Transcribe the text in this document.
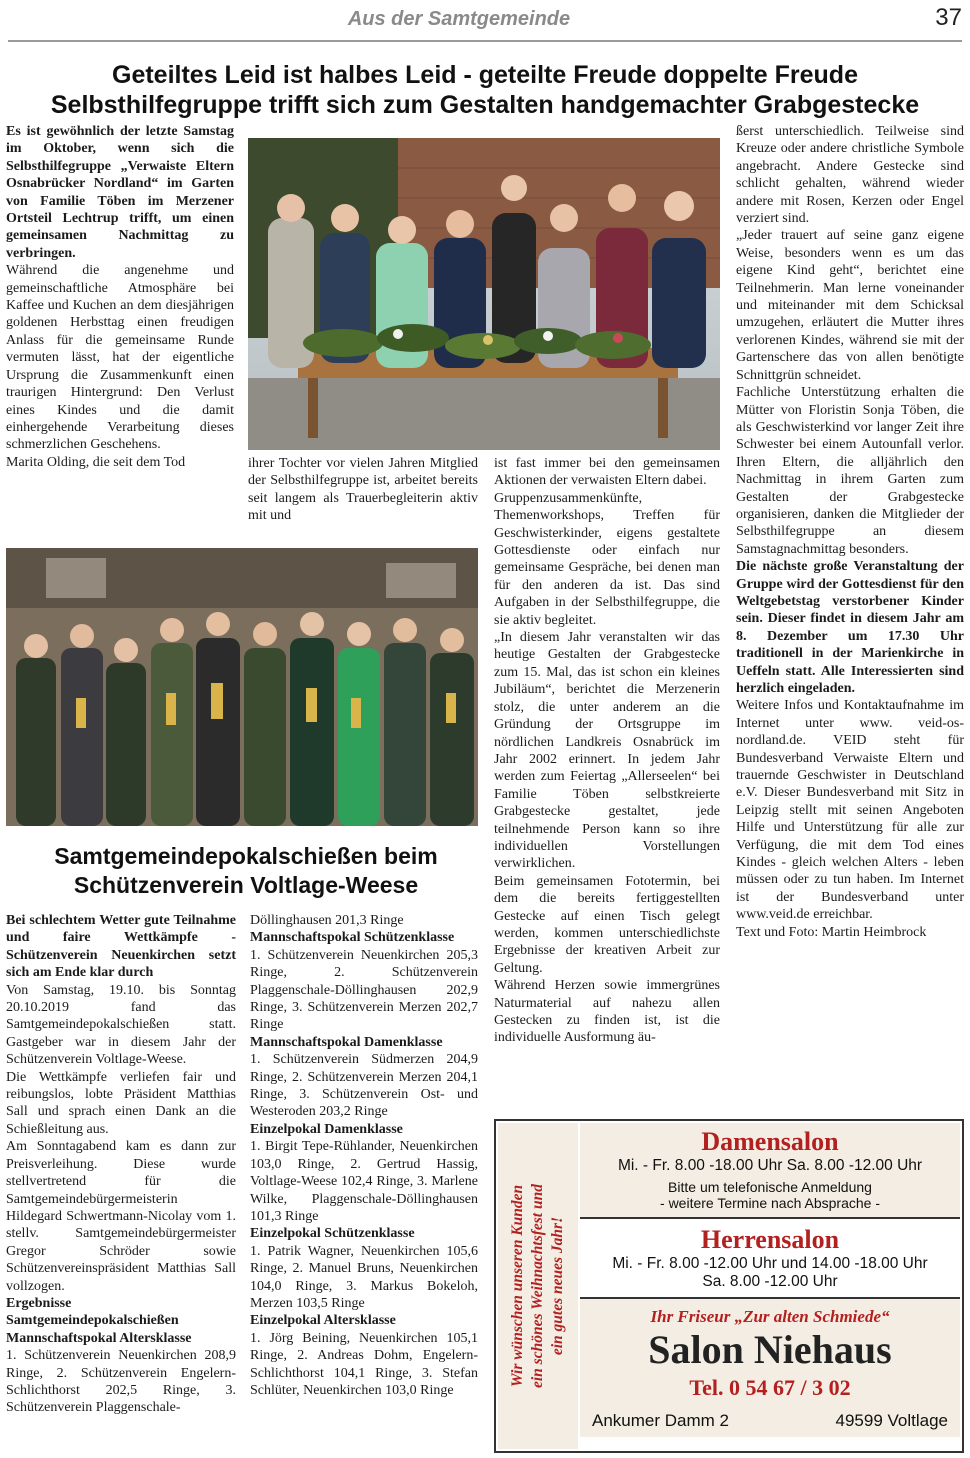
Aus der Samtgemeinde	37
Geteiltes Leid ist halbes Leid - geteilte Freude doppelte Freude
Selbsthilfegruppe trifft sich zum Gestalten handgemachter Grabgestecke

Es ist gewöhnlich der letzte Samstag im Oktober, wenn sich die Selbsthilfegruppe „Verwaiste Eltern Osnabrücker Nordland“ im Garten von Familie Töben im Merzener Ortsteil Lechtrup trifft, um einen gemeinsamen Nachmittag zu verbringen.

Während die angenehme und gemeinschaftliche Atmosphäre bei Kaffee und Kuchen an dem diesjährigen goldenen Herbsttag einen freudigen Anlass für die gemeinsame Runde vermuten lässt, hat der eigentliche Ursprung die Zusammenkunft einen traurigen Hintergrund: Den Verlust eines Kindes und die damit einhergehende Verarbeitung dieses schmerzlichen Geschehens.

Marita Olding, die seit dem Tod	ihrer Tochter vor vielen Jahren Mitglied der Selbsthilfegruppe ist, arbeitet bereits seit langem als Trauerbegleiterin aktiv mit und

ist fast immer bei den gemeinsamen Aktionen der verwaisten Eltern dabei.

Gruppenzusammenkünfte, Themenworkshops, Treffen für Geschwisterkinder, eigens gestaltete Gottesdienste oder einfach nur gemeinsame Gespräche, bei denen man für den anderen da ist. Das sind Aufgaben in der Selbsthilfegruppe, die sie aktiv begleitet.

„In diesem Jahr veranstalten wir das heutige Gestalten der Grabgestecke zum 15. Mal, das ist schon ein kleines Jubiläum“, berichtet die Merzenerin stolz, die unter anderem an die Gründung der Ortsgruppe im nördlichen Landkreis Osnabrück im Jahr 2002 erinnert. In jedem Jahr werden zum Feiertag „Allerseelen“ bei Familie Töben selbstkreierte Grabgestecke gestaltet, jede teilnehmende Person kann so ihre individuellen Vorstellungen verwirklichen.

Beim gemeinsamen Fototermin, bei dem die bereits fertiggestellten Gestecke auf einen Tisch gelegt werden, kommen unterschiedlichste Ergebnisse der kreativen Arbeit zur Geltung.

Während Herzen sowie immergrünes Naturmaterial auf nahezu allen Gestecken zu finden ist, ist die individuelle Ausformung äu-

ßerst unterschiedlich. Teilweise sind Kreuze oder andere christliche Symbole angebracht. Andere Gestecke sind schlicht gehalten, während wieder andere mit Rosen, Kerzen oder Engel verziert sind.

„Jeder trauert auf seine ganz eigene Weise, besonders wenn es um das eigene Kind geht“, berichtet eine Teilnehmerin. Man lerne voneinander und miteinander mit dem Schicksal umzugehen, erläutert die Mutter ihres verlorenen Kindes, während sie mit der Gartenschere das von allen benötigte Schnittgrün schneidet.

Fachliche Unterstützung erhalten die Mütter von Floristin Sonja Töben, die als Geschwisterkind vor langer Zeit ihre Schwester bei einem Autounfall verlor. Ihren Eltern, die alljährlich den Nachmittag in ihrem Garten zum Gestalten der Grabgestecke organisieren, danken die Mitglieder der Selbsthilfegruppe an diesem Samstagnachmittag besonders.

Die nächste große Veranstaltung der Gruppe wird der Gottesdienst für den Weltgebetstag verstorbener Kinder sein. Dieser findet in diesem Jahr am 8. Dezember um 17.30 Uhr traditionell in der Marienkirche in Ueffeln statt. Alle Interessierten sind herzlich eingeladen.

Weitere Infos und Kontaktaufnahme im Internet unter www. veid-os-nordland.de. VEID steht für Bundesverband Verwaiste Eltern und trauernde Geschwister in Deutschland e.V. Dieser Bundesverband mit Sitz in Leipzig stellt mit seinen Angeboten Hilfe und Unterstützung für alle zur Verfügung, die mit dem Tod eines Kindes - gleich welchen Alters - leben müssen oder zu tun haben. Im Internet ist der Bundesverband unter www.veid.de erreichbar.

Text und Foto: Martin Heimbrock

Samtgemeindepokalschießen beim
Schützenverein Voltlage-Weese

Bei schlechtem Wetter gute Teilnahme und faire Wettkämpfe - Schützenverein Neuenkirchen setzt sich am Ende klar durch

Von Samstag, 19.10. bis Sonntag 20.10.2019 fand das Samtgemeindepokalschießen statt. Gastgeber war in diesem Jahr der Schützenverein Voltlage-Weese.

Die Wettkämpfe verliefen fair und reibungslos, lobte Präsident Matthias Sall und sprach einen Dank an die Schießleitung aus.

Am Sonntagabend kam es dann zur Preisverleihung. Diese wurde stellvertretend für die Samtgemeindebürgermeisterin Hildegard Schwertmann-Nicolay vom 1. stellv. Samtgemeindebürgermeister Gregor Schröder sowie Schützenvereinspräsident Matthias Sall vollzogen.

Ergebnisse Samtgemeindepokalschießen

Mannschaftspokal Altersklasse

1. Schützenverein Neuenkirchen 208,9 Ringe, 2. Schützenverein Engelern-Schlichthorst 202,5 Ringe, 3. Schützenverein Plaggenschale-

Döllinghausen 201,3 Ringe

Mannschaftspokal Schützenklasse

1. Schützenverein Neuenkirchen 205,3 Ringe, 2. Schützenverein Plaggenschale-Döllinghausen 202,9 Ringe, 3. Schützenverein Merzen 202,7 Ringe

Mannschaftspokal Damenklasse

1. Schützenverein Südmerzen 204,9 Ringe, 2. Schützenverein Merzen 204,1 Ringe, 3. Schützenverein Ost- und Westeroden 203,2 Ringe

Einzelpokal Damenklasse

1. Birgit Tepe-Rühlander, Neuenkirchen 103,0 Ringe, 2. Gertrud Hassig, Voltlage-Weese 102,4 Ringe, 3. Marlene Wilke, Plaggenschale-Döllinghausen 101,3 Ringe

Einzelpokal Schützenklasse

1. Patrik Wagner, Neuenkirchen 105,6 Ringe, 2. Manuel Bruns, Neuenkirchen 104,0 Ringe, 3. Markus Bokeloh, Merzen 103,5 Ringe

Einzelpokal Altersklasse

1. Jörg Beining, Neuenkirchen 105,1 Ringe, 2. Andreas Dohm, Engelern-Schlichthorst 104,1 Ringe, 3. Stefan Schlüter, Neuenkirchen 103,0 Ringe

Wir wünschen unseren Kunden ein schönes Weihnachtsfest und ein gutes neues Jahr!
Damensalon
Mi. - Fr. 8.00 -18.00 Uhr Sa. 8.00 -12.00 Uhr
Bitte um telefonische Anmeldung
- weitere Termine nach Absprache -
Herrensalon
Mi. - Fr. 8.00 -12.00 Uhr und 14.00 -18.00 Uhr
Sa. 8.00 -12.00 Uhr
Ihr Friseur „Zur alten Schmiede“
Salon Niehaus
Tel. 0 54 67 / 3 02
Ankumer Damm 2	49599 Voltlage
